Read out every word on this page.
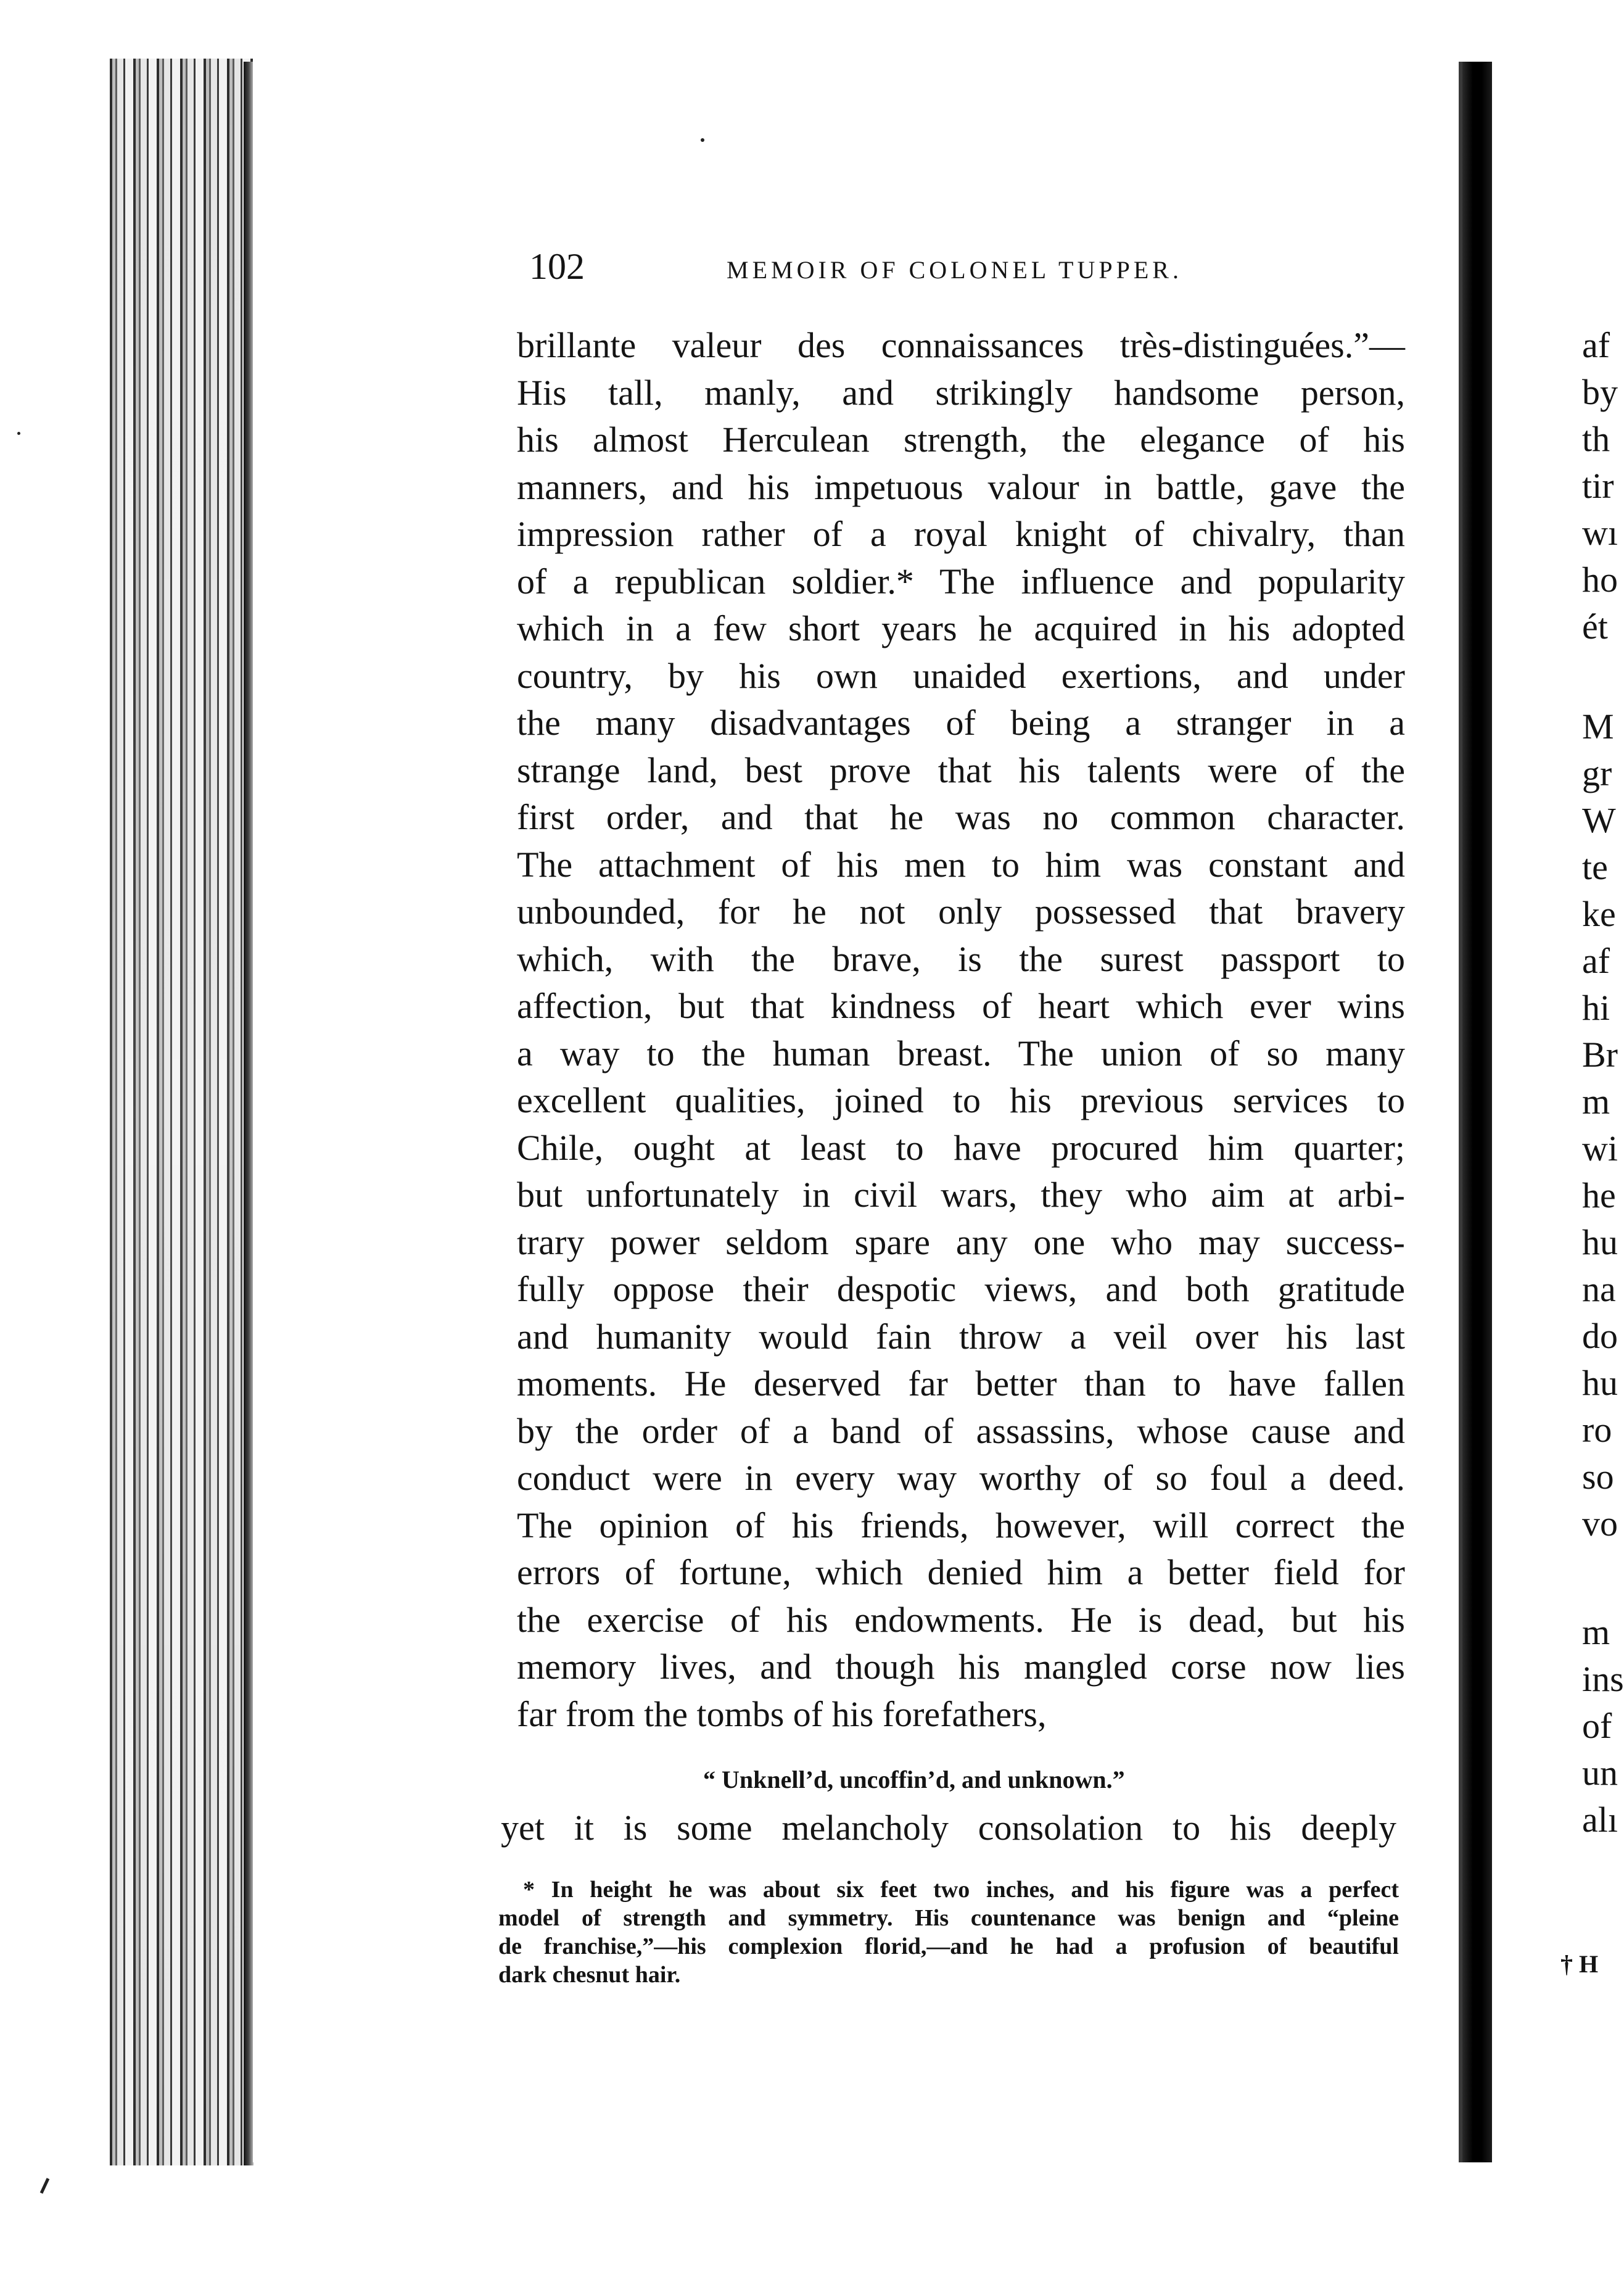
102	MEMOIR OF COLONEL TUPPER.
brillante valeur des connaissances très-distinguées.”—
His tall, manly, and strikingly handsome person,
his almost Herculean strength, the elegance of his
manners, and his impetuous valour in battle, gave the
impression rather of a royal knight of chivalry, than
of a republican soldier.* The influence and popularity
which in a few short years he acquired in his adopted
country, by his own unaided exertions, and under
the many disadvantages of being a stranger in a
strange land, best prove that his talents were of the
first order, and that he was no common character.
The attachment of his men to him was constant and
unbounded, for he not only possessed that bravery
which, with the brave, is the surest passport to
affection, but that kindness of heart which ever wins
a way to the human breast. The union of so many
excellent qualities, joined to his previous services to
Chile, ought at least to have procured him quarter;
but unfortunately in civil wars, they who aim at arbi-
trary power seldom spare any one who may success-
fully oppose their despotic views, and both gratitude
and humanity would fain throw a veil over his last
moments. He deserved far better than to have fallen
by the order of a band of assassins, whose cause and
conduct were in every way worthy of so foul a deed.
The opinion of his friends, however, will correct the
errors of fortune, which denied him a better field for
the exercise of his endowments. He is dead, but his
memory lives, and though his mangled corse now lies
far from the tombs of his forefathers,
“ Unknell’d, uncoffin’d, and unknown.”
yet it is some melancholy consolation to his deeply
* In height he was about six feet two inches, and his figure was a perfect
model of strength and symmetry. His countenance was benign and “pleine
de franchise,”—his complexion florid,—and he had a profusion of beautiful
dark chesnut hair.
af
by
th
tir
wı
ho
ét
M
gr
W
te
ke
af
hi
Br
m
wi
he
hu
na
do
hu
ro
so
vo
m
ins
of
un
alı
† H
